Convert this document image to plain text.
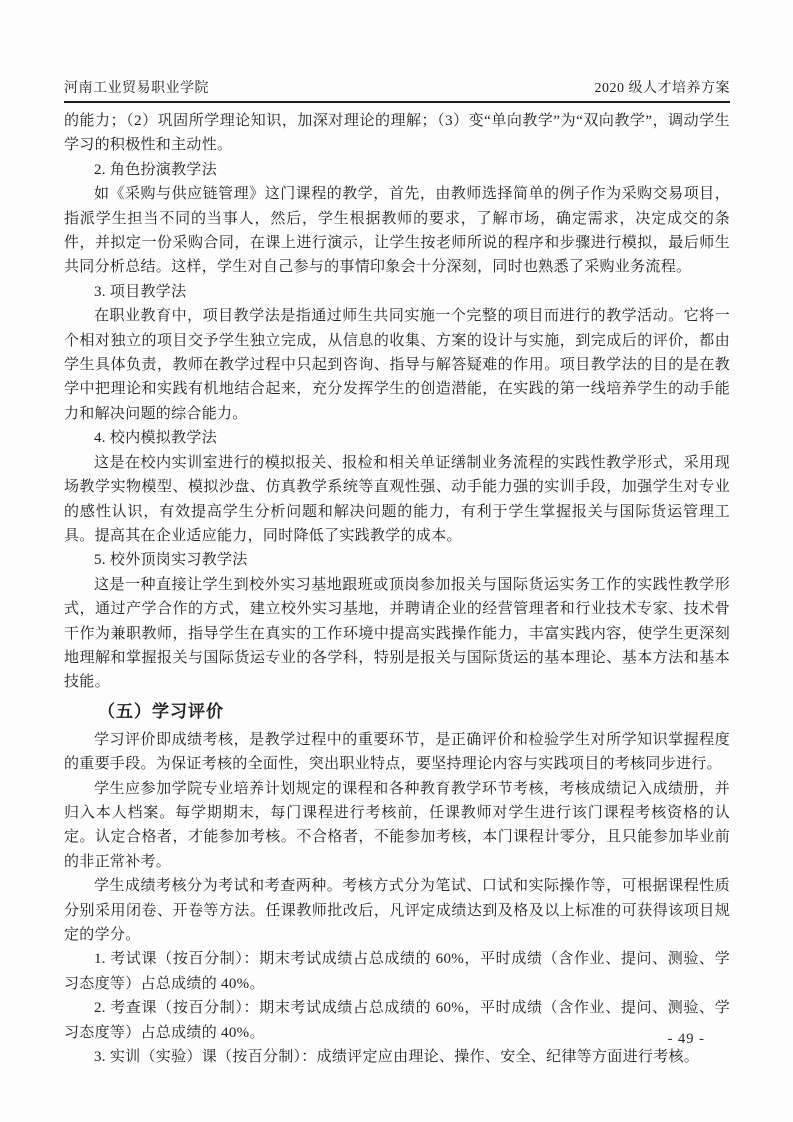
河南工业贸易职业学院	2020 级人才培养方案

的能力；（2）巩固所学理论知识，加深对理论的理解；（3）变“单向教学”为“双向教学”，调动学生学习的积极性和主动性。

2. 角色扮演教学法

如《采购与供应链管理》这门课程的教学，首先，由教师选择简单的例子作为采购交易项目，指派学生担当不同的当事人，然后，学生根据教师的要求，了解市场，确定需求，决定成交的条件，并拟定一份采购合同，在课上进行演示，让学生按老师所说的程序和步骤进行模拟，最后师生共同分析总结。这样，学生对自己参与的事情印象会十分深刻，同时也熟悉了采购业务流程。

3. 项目教学法

在职业教育中，项目教学法是指通过师生共同实施一个完整的项目而进行的教学活动。它将一个相对独立的项目交予学生独立完成，从信息的收集、方案的设计与实施，到完成后的评价，都由学生具体负责，教师在教学过程中只起到咨询、指导与解答疑难的作用。项目教学法的目的是在教学中把理论和实践有机地结合起来，充分发挥学生的创造潜能，在实践的第一线培养学生的动手能力和解决问题的综合能力。

4. 校内模拟教学法

这是在校内实训室进行的模拟报关、报检和相关单证缮制业务流程的实践性教学形式，采用现场教学实物模型、模拟沙盘、仿真教学系统等直观性强、动手能力强的实训手段，加强学生对专业的感性认识，有效提高学生分析问题和解决问题的能力，有利于学生掌握报关与国际货运管理工具。提高其在企业适应能力，同时降低了实践教学的成本。

5. 校外顶岗实习教学法

这是一种直接让学生到校外实习基地跟班或顶岗参加报关与国际货运实务工作的实践性教学形式，通过产学合作的方式，建立校外实习基地，并聘请企业的经营管理者和行业技术专家、技术骨干作为兼职教师，指导学生在真实的工作环境中提高实践操作能力，丰富实践内容，使学生更深刻地理解和掌握报关与国际货运专业的各学科，特别是报关与国际货运的基本理论、基本方法和基本技能。

（五）学习评价

学习评价即成绩考核，是教学过程中的重要环节，是正确评价和检验学生对所学知识掌握程度的重要手段。为保证考核的全面性，突出职业特点，要坚持理论内容与实践项目的考核同步进行。

学生应参加学院专业培养计划规定的课程和各种教育教学环节考核，考核成绩记入成绩册，并归入本人档案。每学期期末，每门课程进行考核前，任课教师对学生进行该门课程考核资格的认定。认定合格者，才能参加考核。不合格者，不能参加考核，本门课程计零分，且只能参加毕业前的非正常补考。

学生成绩考核分为考试和考查两种。考核方式分为笔试、口试和实际操作等，可根据课程性质分别采用闭卷、开卷等方法。任课教师批改后，凡评定成绩达到及格及以上标准的可获得该项目规定的学分。

1. 考试课（按百分制）：期末考试成绩占总成绩的 60%，平时成绩（含作业、提问、测验、学习态度等）占总成绩的 40%。

2. 考查课（按百分制）：期末考试成绩占总成绩的 60%，平时成绩（含作业、提问、测验、学习态度等）占总成绩的 40%。

3. 实训（实验）课（按百分制）：成绩评定应由理论、操作、安全、纪律等方面进行考核。

- 49 -
